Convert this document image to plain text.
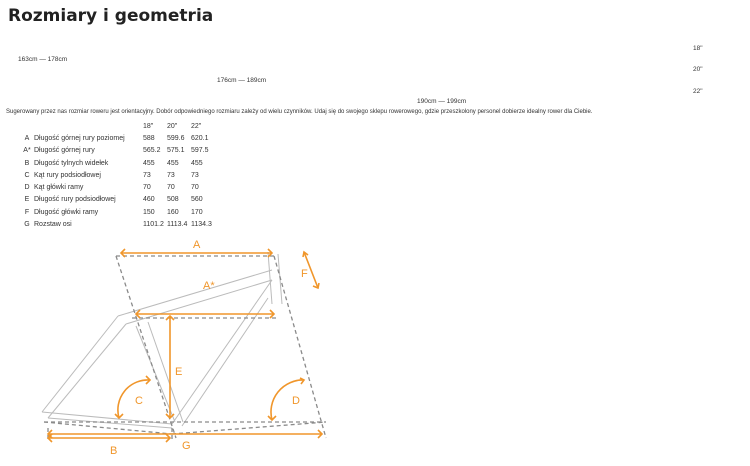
Rozmiary i geometria
18"
163cm — 178cm
20"
176cm — 189cm
22"
190cm — 199cm
Sugerowany przez nas rozmiar roweru jest orientacyjny. Dobór odpowiedniego rozmiaru zależy od wielu czynników. Udaj się do swojego sklepu rowerowego, gdzie przeszkolony personel dobierze idealny rower dla Ciebie.
		18"	20"	22"
A	Długość górnej rury poziomej	588	599.6	620.1
A*	Długość górnej rury	565.2	575.1	597.5
B	Długość tylnych widełek	455	455	455
C	Kąt rury podsiodłowej	73	73	73
D	Kąt główki ramy	70	70	70
E	Długość rury podsiodłowej	460	508	560
F	Długość główki ramy	150	160	170
G	Rozstaw osi	1101.2	1113.4	1134.3
A
A*
B
C	D
E
F
G
